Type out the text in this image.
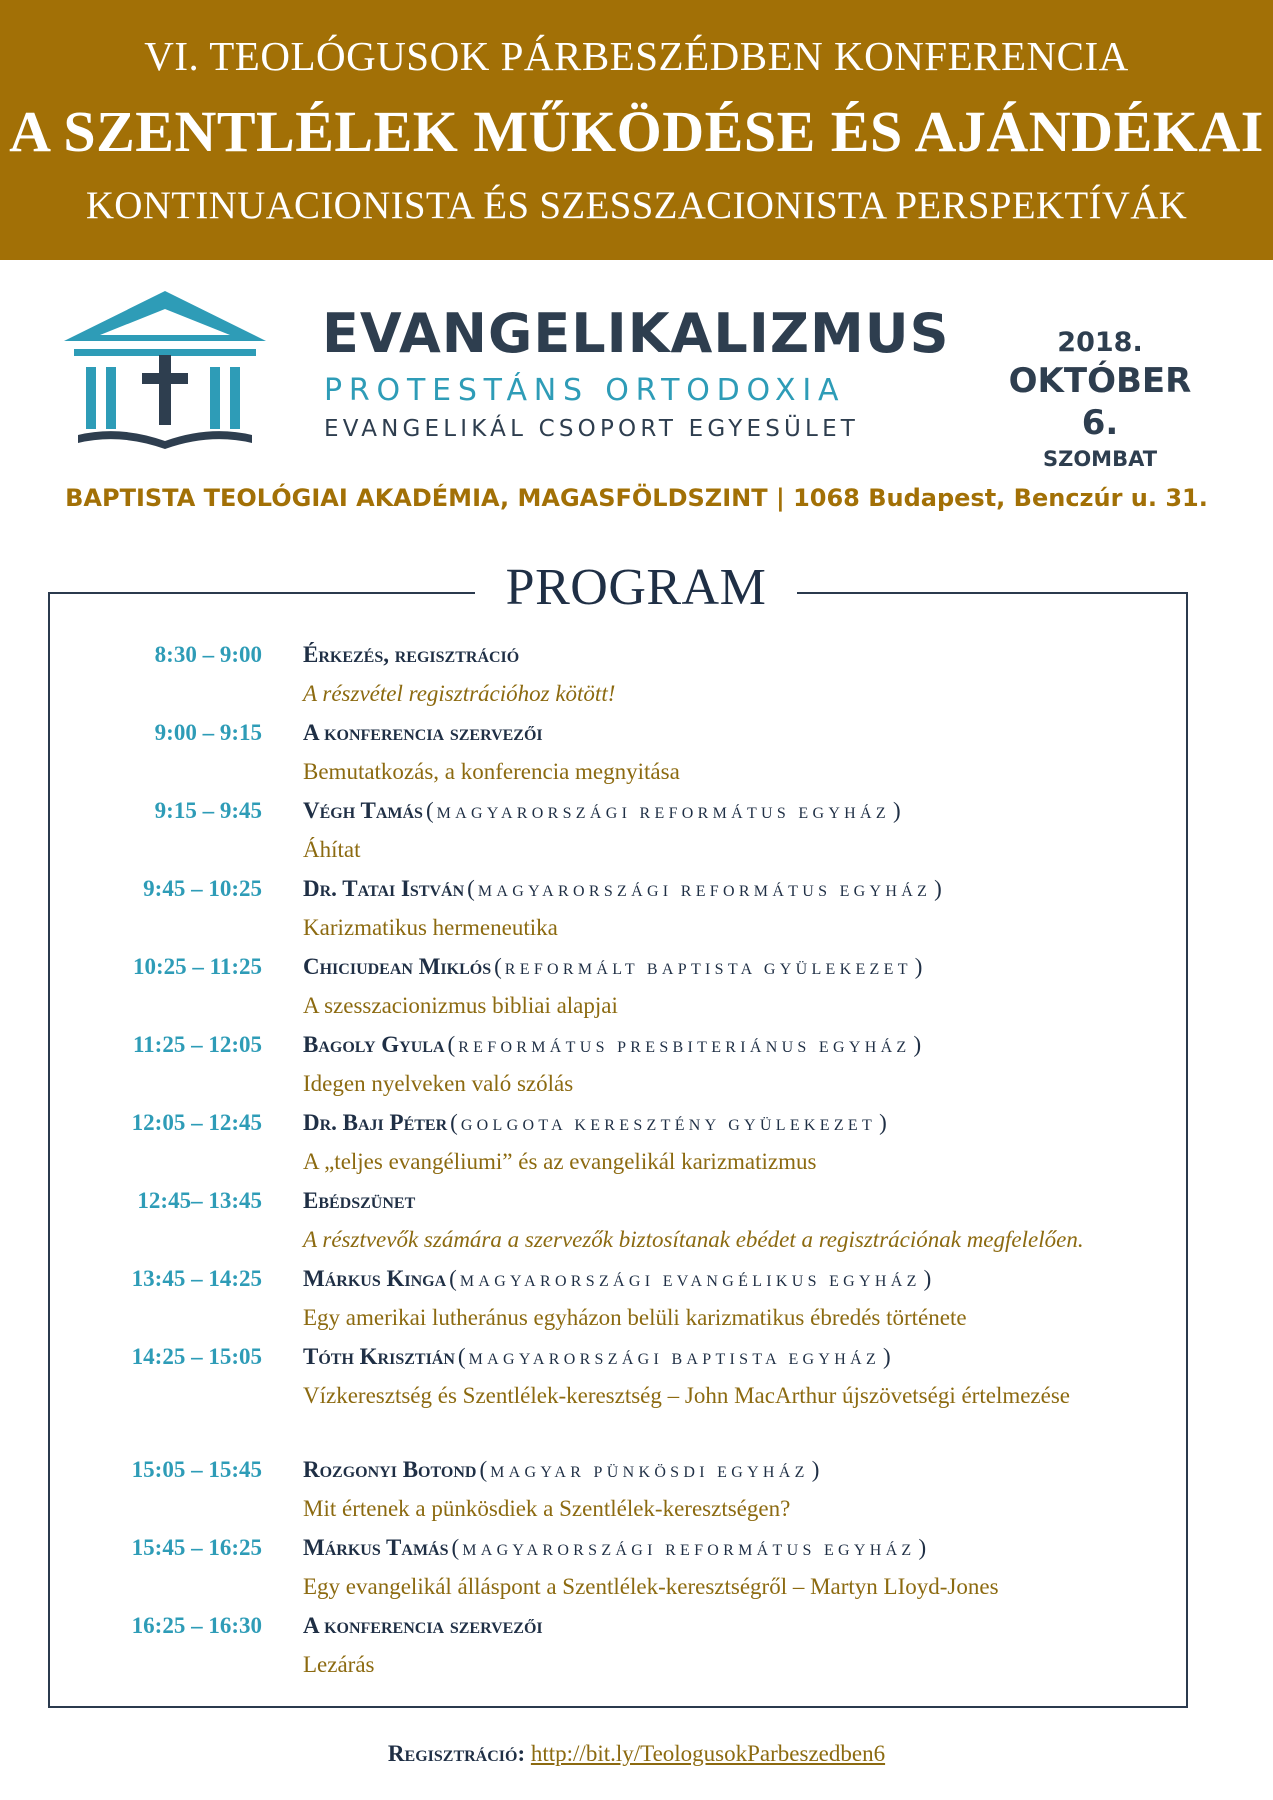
VI. TEOLÓGUSOK PÁRBESZÉDBEN KONFERENCIA
A SZENTLÉLEK MŰKÖDÉSE ÉS AJÁNDÉKAI
KONTINUACIONISTA ÉS SZESSZACIONISTA PERSPEKTÍVÁK
EVANGELIKALIZMUS
PROTESTÁNS ORTODOXIA
EVANGELIKÁL CSOPORT EGYESÜLET
2018.
OKTÓBER 6.
SZOMBAT
BAPTISTA TEOLÓGIAI AKADÉMIA, MAGASFÖLDSZINT | 1068 Budapest, Benczúr u. 31.
PROGRAM
8:30 – 9:00 Érkezés, regisztráció
A részvétel regisztrációhoz kötött!
9:00 – 9:15 A konferencia szervezői
Bemutatkozás, a konferencia megnyitása
9:15 – 9:45 Végh Tamás ( MAGYARORSZÁGI REFORMÁTUS EGYHÁZ )
Áhítat
9:45 – 10:25 Dr. Tatai István ( MAGYARORSZÁGI REFORMÁTUS EGYHÁZ )
Karizmatikus hermeneutika
10:25 – 11:25 Chiciudean Miklós ( REFORMÁLT BAPTISTA GYÜLEKEZET )
A szesszacionizmus bibliai alapjai
11:25 – 12:05 Bagoly Gyula ( REFORMÁTUS PRESBITERIÁNUS EGYHÁZ )
Idegen nyelveken való szólás
12:05 – 12:45 Dr. Baji Péter ( GOLGOTA KERESZTÉNY GYÜLEKEZET )
A „teljes evangéliumi” és az evangelikál karizmatizmus
12:45– 13:45 Ebédszünet
A résztvevők számára a szervezők biztosítanak ebédet a regisztrációnak megfelelően.
13:45 – 14:25 Márkus Kinga ( MAGYARORSZÁGI EVANGÉLIKUS EGYHÁZ )
Egy amerikai lutheránus egyházon belüli karizmatikus ébredés története
14:25 – 15:05 Tóth Krisztián ( MAGYARORSZÁGI BAPTISTA EGYHÁZ )
Vízkeresztség és Szentlélek-keresztség – John MacArthur újszövetségi értelmezése
15:05 – 15:45 Rozgonyi Botond ( MAGYAR PÜNKÖSDI EGYHÁZ )
Mit értenek a pünkösdiek a Szentlélek-keresztségen?
15:45 – 16:25 Márkus Tamás ( MAGYARORSZÁGI REFORMÁTUS EGYHÁZ )
Egy evangelikál álláspont a Szentlélek-keresztségről – Martyn LIoyd-Jones
16:25 – 16:30 A konferencia szervezői
Lezárás
Regisztráció: http://bit.ly/TeologusokParbeszedben6
